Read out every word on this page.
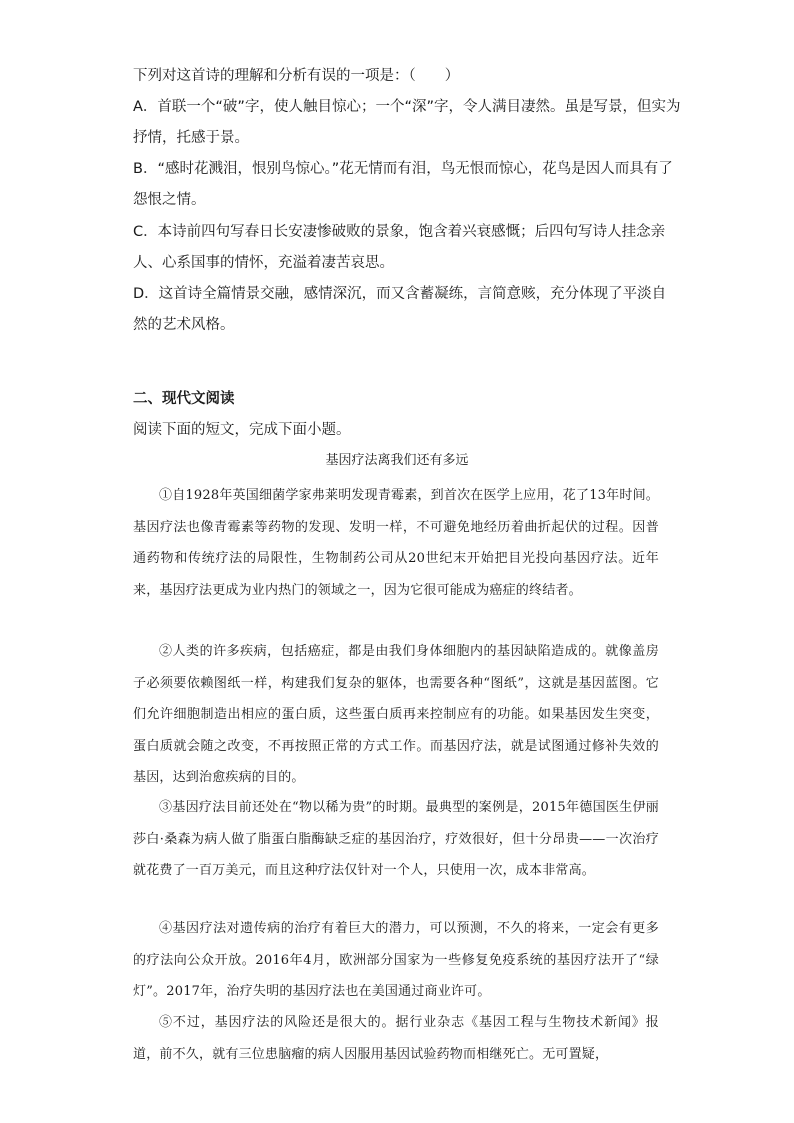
下列对这首诗的理解和分析有误的一项是：（　　）
A．首联一个“破”字，使人触目惊心；一个“深”字，令人满目凄然。虽是写景，但实为
抒情，托感于景。
B．“感时花溅泪，恨别鸟惊心。”花无情而有泪，鸟无恨而惊心，花鸟是因人而具有了
怨恨之情。
C．本诗前四句写春日长安凄惨破败的景象，饱含着兴衰感慨；后四句写诗人挂念亲
人、心系国事的情怀，充溢着凄苦哀思。
D．这首诗全篇情景交融，感情深沉，而又含蓄凝练，言简意赅，充分体现了平淡自
然的艺术风格。
二、现代文阅读
阅读下面的短文，完成下面小题。
基因疗法离我们还有多远
①自1928年英国细菌学家弗莱明发现青霉素，到首次在医学上应用，花了13年时间。基因疗法也像青霉素等药物的发现、发明一样，不可避免地经历着曲折起伏的过程。因普通药物和传统疗法的局限性，生物制药公司从20世纪末开始把目光投向基因疗法。近年来，基因疗法更成为业内热门的领域之一，因为它很可能成为癌症的终结者。
②人类的许多疾病，包括癌症，都是由我们身体细胞内的基因缺陷造成的。就像盖房子必须要依赖图纸一样，构建我们复杂的躯体，也需要各种“图纸”，这就是基因蓝图。它们允许细胞制造出相应的蛋白质，这些蛋白质再来控制应有的功能。如果基因发生突变，蛋白质就会随之改变，不再按照正常的方式工作。而基因疗法，就是试图通过修补失效的基因，达到治愈疾病的目的。
③基因疗法目前还处在“物以稀为贵”的时期。最典型的案例是，2015年德国医生伊丽莎白·桑森为病人做了脂蛋白脂酶缺乏症的基因治疗，疗效很好，但十分昂贵——一次治疗就花费了一百万美元，而且这种疗法仅针对一个人，只使用一次，成本非常高。
④基因疗法对遗传病的治疗有着巨大的潜力，可以预测，不久的将来，一定会有更多的疗法向公众开放。2016年4月，欧洲部分国家为一些修复免疫系统的基因疗法开了“绿灯”。2017年，治疗失明的基因疗法也在美国通过商业许可。
⑤不过，基因疗法的风险还是很大的。据行业杂志《基因工程与生物技术新闻》报道，前不久，就有三位患脑瘤的病人因服用基因试验药物而相继死亡。无可置疑，
